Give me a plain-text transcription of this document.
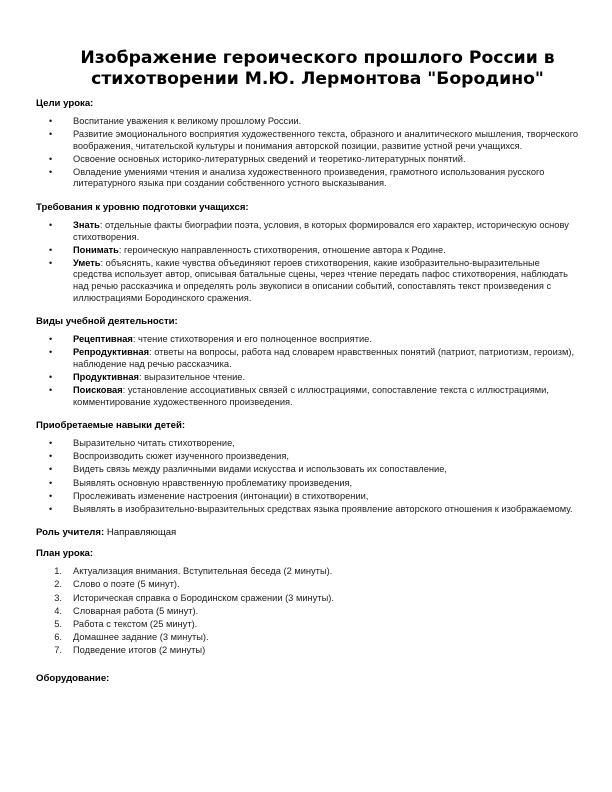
Изображение героического прошлого России в
стихотворении М.Ю. Лермонтова "Бородино"

Цели урока:

• Воспитание уважения к великому прошлому России.
• Развитие эмоционального восприятия художественного текста, образного и аналитического мышления, творческого воображения, читательской культуры и понимания авторской позиции, развитие устной речи учащихся.
• Освоение основных историко-литературных сведений и теоретико-литературных понятий.
• Овладение умениями чтения и анализа художественного произведения, грамотного использования русского литературного языка при создании собственного устного высказывания.

Требования к уровню подготовки учащихся:

• Знать: отдельные факты биографии поэта, условия, в которых формировался его характер, историческую основу стихотворения.
• Понимать: героическую направленность стихотворения, отношение автора к Родине.
• Уметь: объяснять, какие чувства объединяют героев стихотворения, какие изобразительно-выразительные средства использует автор, описывая батальные сцены, через чтение передать пафос стихотворения, наблюдать над речью рассказчика и определять роль звукописи в описании событий, сопоставлять текст произведения с иллюстрациями Бородинского сражения.

Виды учебной деятельности:

• Рецептивная: чтение стихотворения и его полноценное восприятие.
• Репродуктивная: ответы на вопросы, работа над словарем нравственных понятий (патриот, патриотизм, героизм), наблюдение над речью рассказчика.
• Продуктивная: выразительное чтение.
• Поисковая: установление ассоциативных связей с иллюстрациями, сопоставление текста с иллюстрациями, комментирование художественного произведения.

Приобретаемые навыки детей:

• Выразительно читать стихотворение,
• Воспроизводить сюжет изученного произведения,
• Видеть связь между различными видами искусства и использовать их сопоставление,
• Выявлять основную нравственную проблематику произведения,
• Прослеживать изменение настроения (интонации) в стихотворении,
• Выявлять в изобразительно-выразительных средствах языка проявление авторского отношения к изображаемому.

Роль учителя: Направляющая

План урока:

1. Актуализация внимания. Вступительная беседа (2 минуты).
2. Слово о поэте (5 минут).
3. Историческая справка о Бородинском сражении (3 минуты).
4. Словарная работа (5 минут).
5. Работа с текстом (25 минут).
6. Домашнее задание (3 минуты).
7. Подведение итогов (2 минуты)

Оборудование:
